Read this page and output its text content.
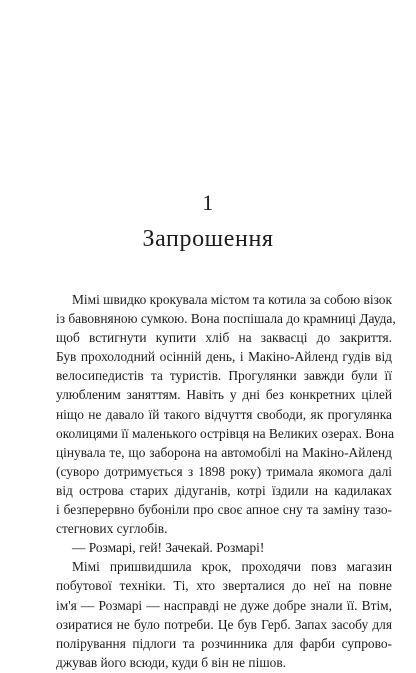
1
Запрошення
Мімі швидко крокувала містом та котила за собою візок
із бавовняною сумкою. Вона поспішала до крамниці Дауда,
щоб встигнути купити хліб на заквасці до закриття.
Був прохолодний осінній день, і Макіно-Айленд гудів від
велосипедистів та туристів. Прогулянки завжди були її
улюбленим заняттям. Навіть у дні без конкретних цілей
ніщо не давало їй такого відчуття свободи, як прогулянка
околицями її маленького острівця на Великих озерах. Вона
цінувала те, що заборона на автомобілі на Макіно-Айленд
(суворо дотримується з 1898 року) тримала якомога далі
від острова старих дідуганів, котрі їздили на кадилаках
і безперервно бубоніли про своє апное сну та заміну тазо-
стегнових суглобів.
— Розмарі, гей! Зачекай. Розмарі!
Мімі пришвидшила крок, проходячи повз магазин
побутової техніки. Ті, хто зверталися до неї на повне
ім'я — Розмарі — насправді не дуже добре знали її. Втім,
озиратися не було потреби. Це був Герб. Запах засобу для
полірування підлоги та розчинника для фарби супрово-
джував його всюди, куди б він не пішов.
